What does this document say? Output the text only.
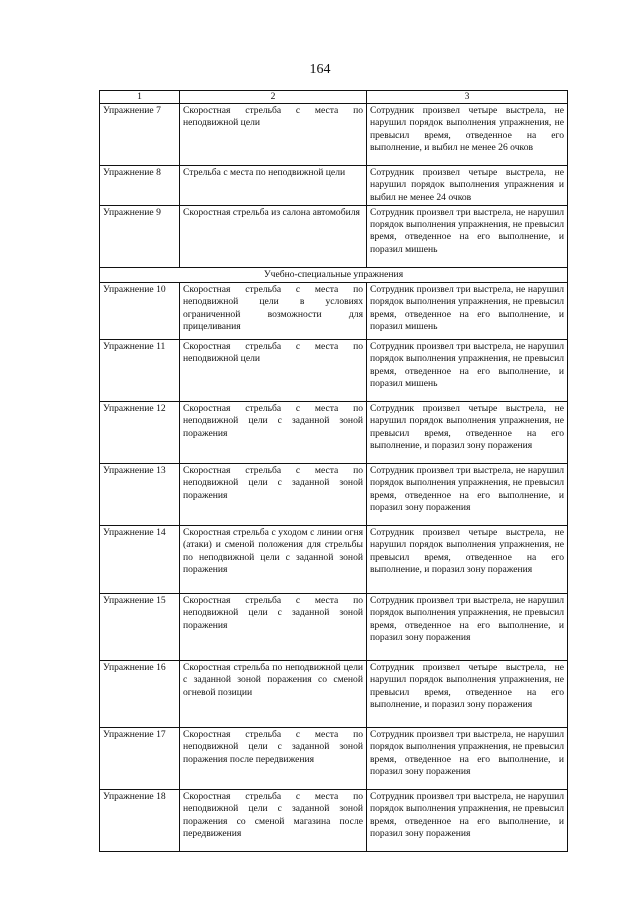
164
1	2	3
Упражнение 7	Скоростная стрельба с места по неподвижной цели	Сотрудник произвел четыре выстрела, не нарушил порядок выполнения упражнения, не превысил время, отведенное на его выполнение, и выбил не менее 26 очков
Упражнение 8	Стрельба с места по неподвижной цели	Сотрудник произвел четыре выстрела, не нарушил порядок выполнения упражнения и выбил не менее 24 очков
Упражнение 9	Скоростная стрельба из салона автомобиля	Сотрудник произвел три выстрела, не нарушил порядок выполнения упражнения, не превысил время, отведенное на его выполнение, и поразил мишень
Учебно-специальные упражнения		
Упражнение 10	Скоростная стрельба с места по неподвижной цели в условиях ограниченной возможности для прицеливания	Сотрудник произвел три выстрела, не нарушил порядок выполнения упражнения, не превысил время, отведенное на его выполнение, и поразил мишень
Упражнение 11	Скоростная стрельба с места по неподвижной цели	Сотрудник произвел три выстрела, не нарушил порядок выполнения упражнения, не превысил время, отведенное на его выполнение, и поразил мишень
Упражнение 12	Скоростная стрельба с места по неподвижной цели с заданной зоной поражения	Сотрудник произвел четыре выстрела, не нарушил порядок выполнения упражнения, не превысил время, отведенное на его выполнение, и поразил зону поражения
Упражнение 13	Скоростная стрельба с места по неподвижной цели с заданной зоной поражения	Сотрудник произвел три выстрела, не нарушил порядок выполнения упражнения, не превысил время, отведенное на его выполнение, и поразил зону поражения
Упражнение 14	Скоростная стрельба с уходом с линии огня (атаки) и сменой положения для стрельбы по неподвижной цели с заданной зоной поражения	Сотрудник произвел четыре выстрела, не нарушил порядок выполнения упражнения, не превысил время, отведенное на его выполнение, и поразил зону поражения
Упражнение 15	Скоростная стрельба с места по неподвижной цели с заданной зоной поражения	Сотрудник произвел три выстрела, не нарушил порядок выполнения упражнения, не превысил время, отведенное на его выполнение, и поразил зону поражения
Упражнение 16	Скоростная стрельба по неподвижной цели с заданной зоной поражения со сменой огневой позиции	Сотрудник произвел четыре выстрела, не нарушил порядок выполнения упражнения, не превысил время, отведенное на его выполнение, и поразил зону поражения
Упражнение 17	Скоростная стрельба с места по неподвижной цели с заданной зоной поражения после передвижения	Сотрудник произвел три выстрела, не нарушил порядок выполнения упражнения, не превысил время, отведенное на его выполнение, и поразил зону поражения
Упражнение 18	Скоростная стрельба с места по неподвижной цели с заданной зоной поражения со сменой магазина после передвижения	Сотрудник произвел три выстрела, не нарушил порядок выполнения упражнения, не превысил время, отведенное на его выполнение, и поразил зону поражения
